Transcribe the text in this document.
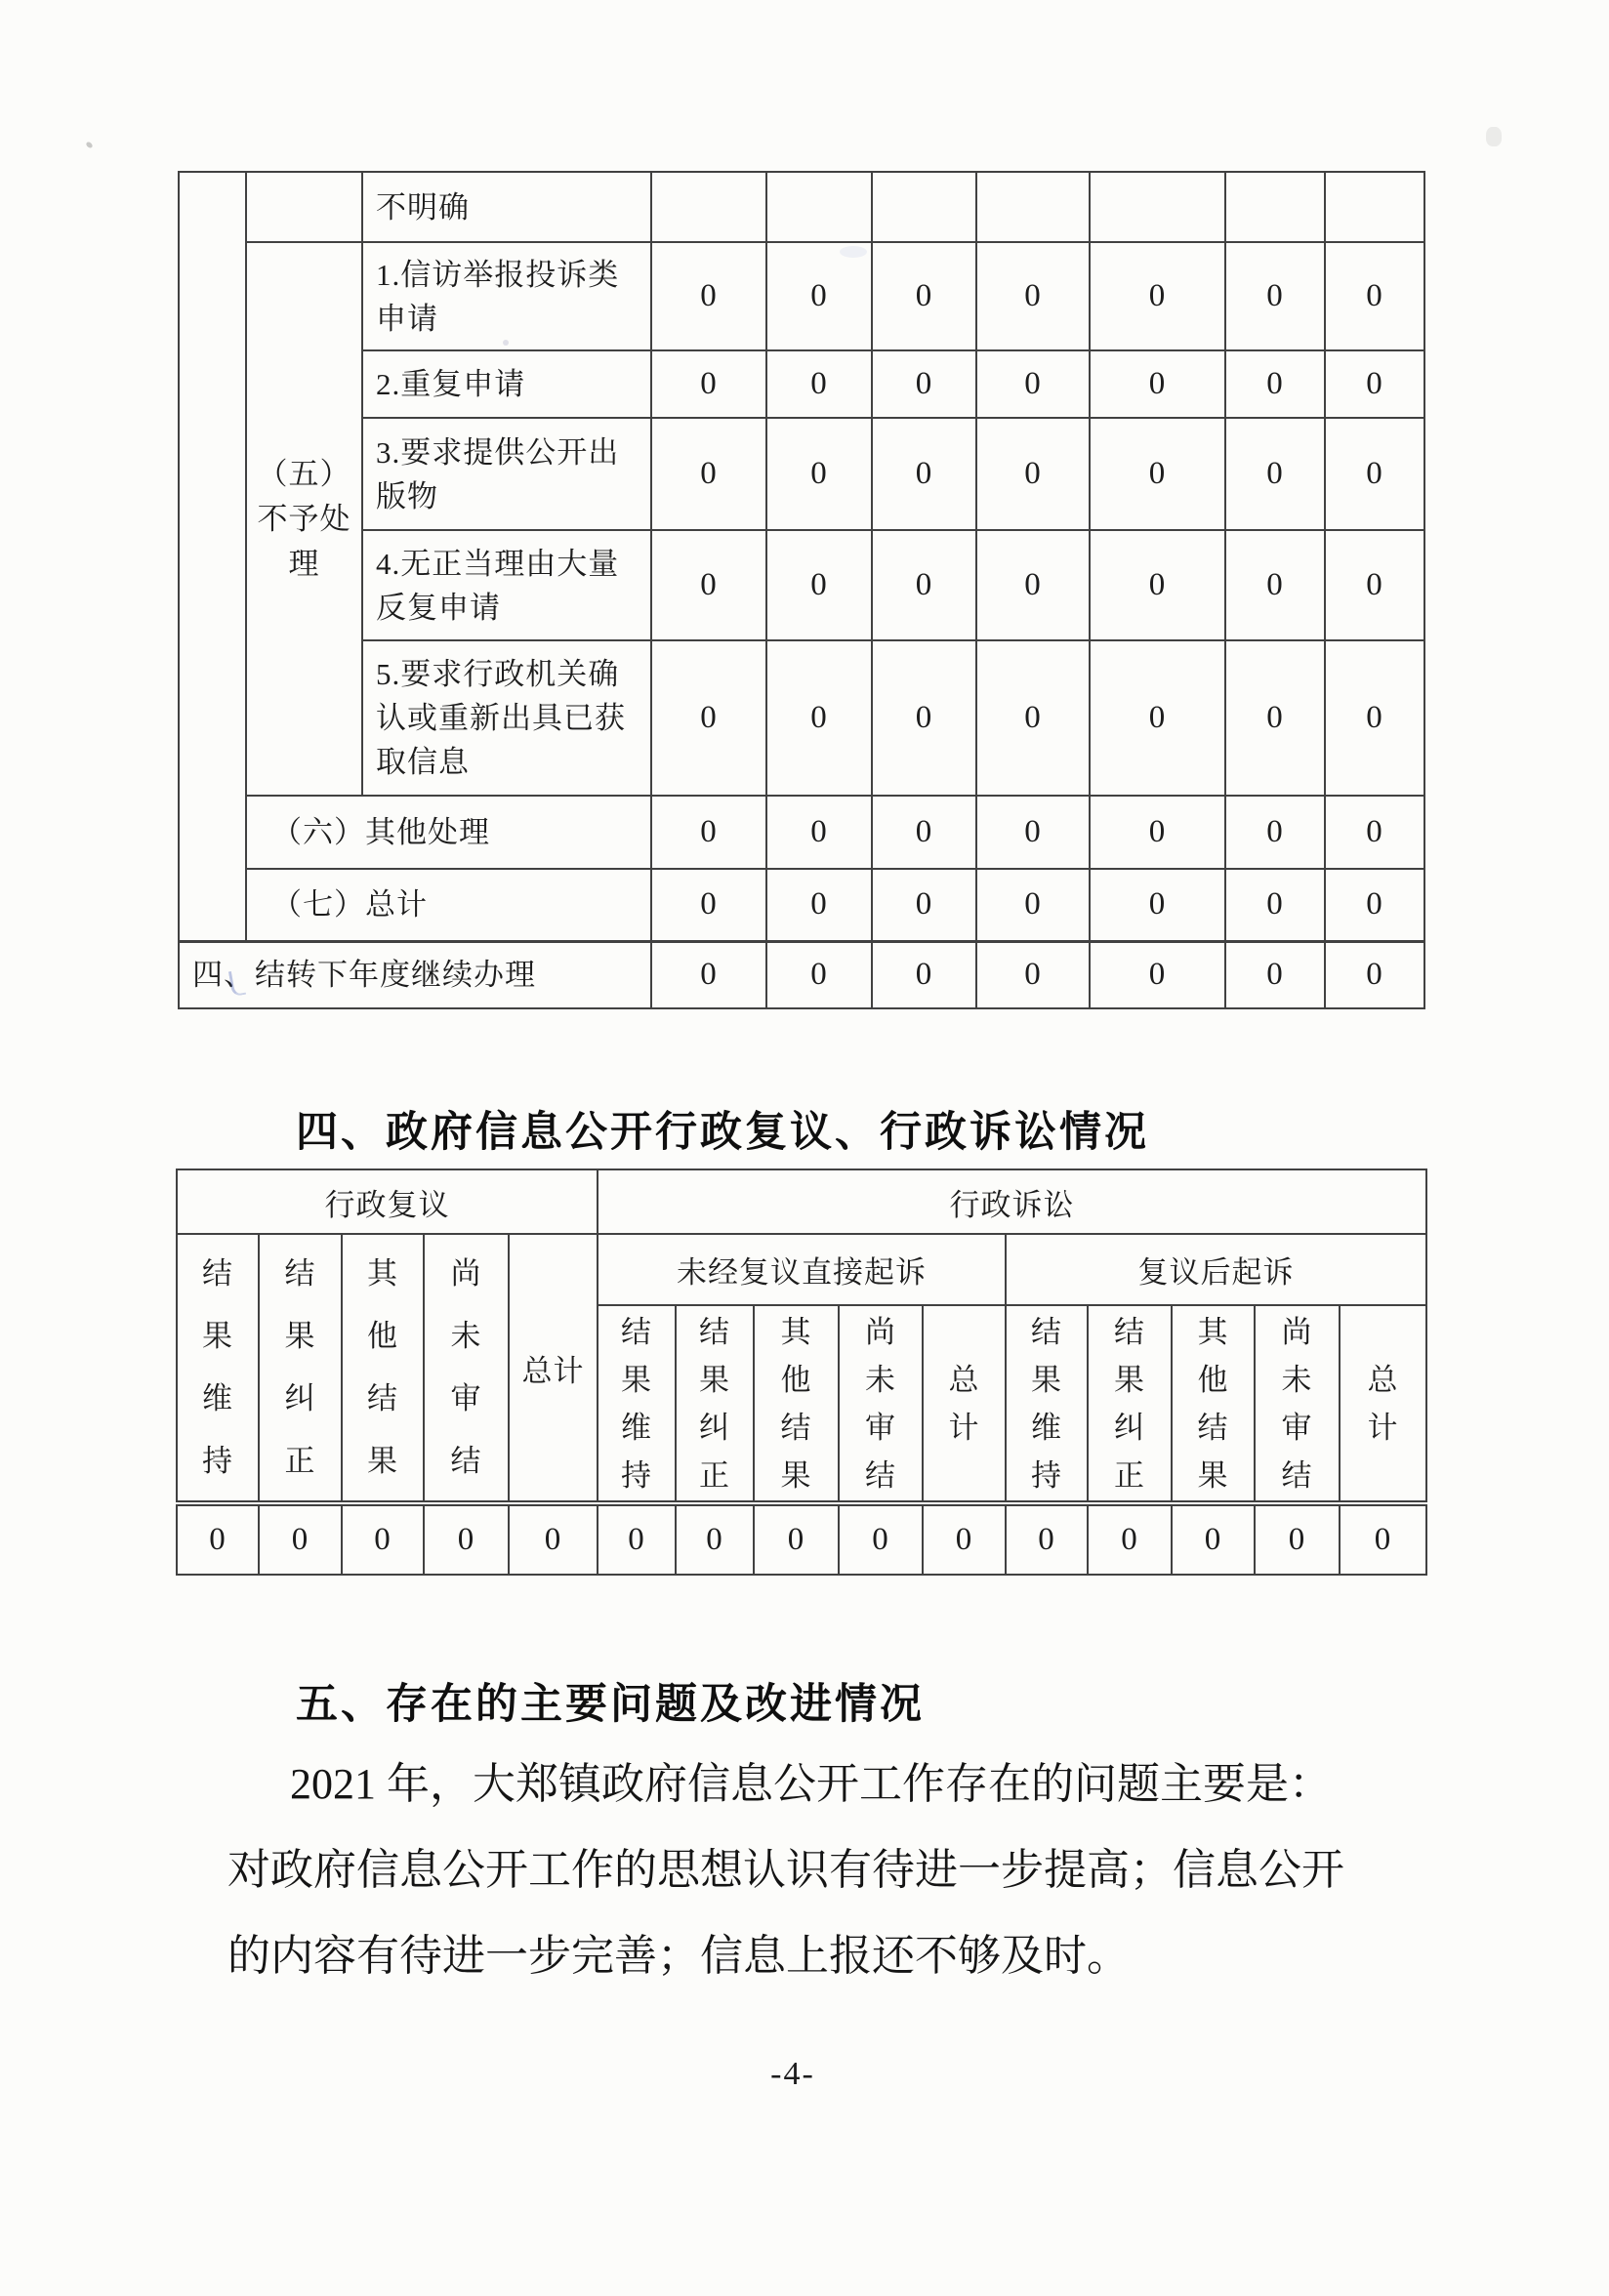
		不明确							
	（五）不予处理	1.信访举报投诉类申请	0	0	0	0	0	0	0
		2.重复申请	0	0	0	0	0	0	0
		3.要求提供公开出版物	0	0	0	0	0	0	0
		4.无正当理由大量反复申请	0	0	0	0	0	0	0
		5.要求行政机关确认或重新出具已获取信息	0	0	0	0	0	0	0
	（六）其他处理		0	0	0	0	0	0	0
	（七）总计		0	0	0	0	0	0	0
四、结转下年度继续办理			0	0	0	0	0	0	0
四、政府信息公开行政复议、行政诉讼情况
行政复议					行政诉讼									

结果维持	结果纠正	其他结果	尚未审结	总计	未经复议直接起诉					复议后起诉				

					结果维持	结果纠正	其他结果	尚未审结	总计	结果维持	结果纠正	其他结果	尚未审结	总计

0	0	0	0	0	0	0	0	0	0	0	0	0	0	0
五、存在的主要问题及改进情况
2021 年，大郑镇政府信息公开工作存在的问题主要是：
对政府信息公开工作的思想认识有待进一步提高；信息公开
的内容有待进一步完善；信息上报还不够及时。
-4-
